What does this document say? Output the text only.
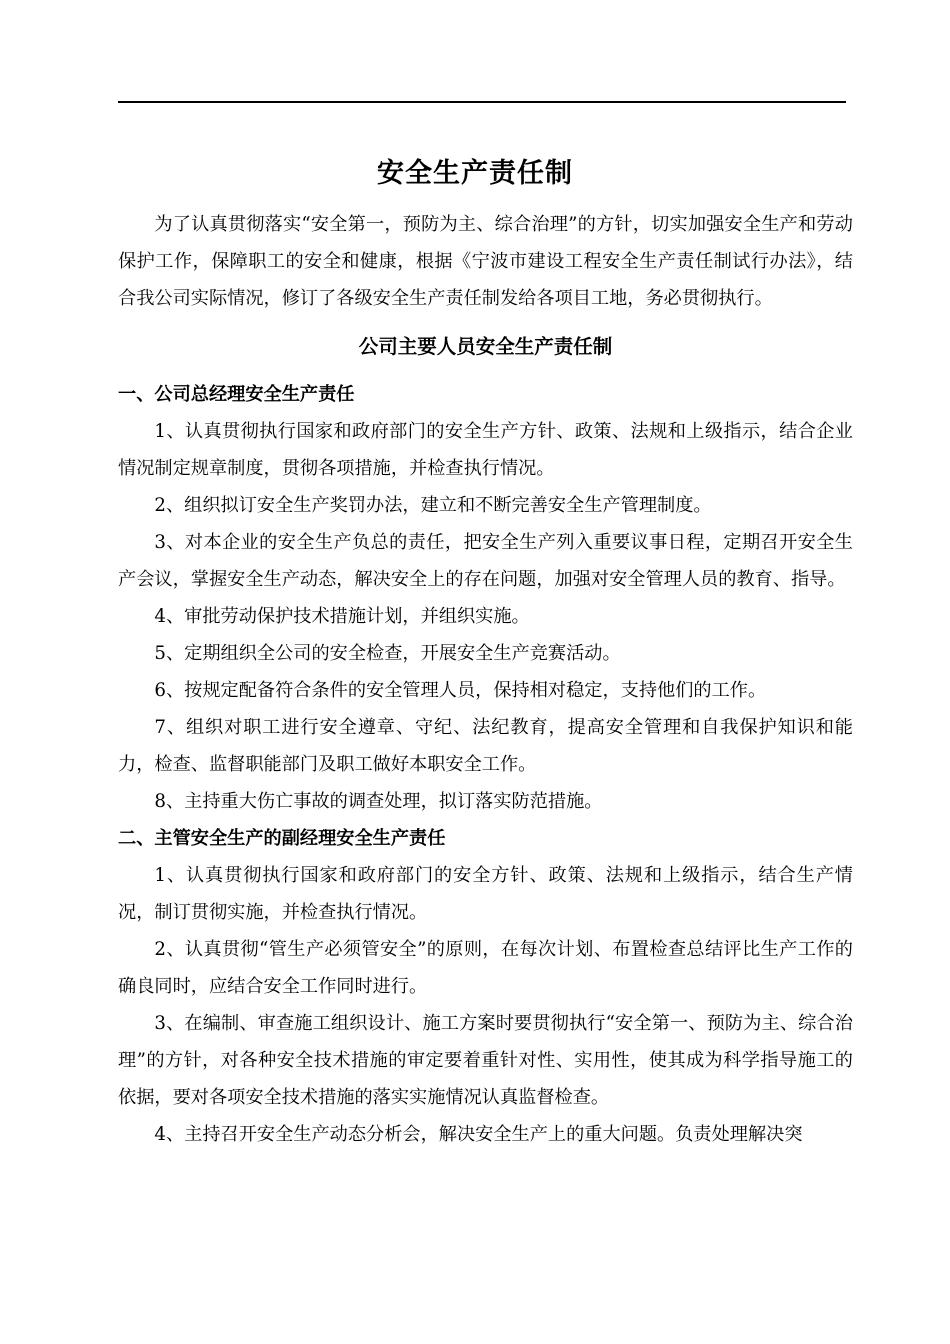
安全生产责任制

为了认真贯彻落实“安全第一，预防为主、综合治理”的方针，切实加强安全生产和劳动保护工作，保障职工的安全和健康，根据《宁波市建设工程安全生产责任制试行办法》，结合我公司实际情况，修订了各级安全生产责任制发给各项目工地，务必贯彻执行。

公司主要人员安全生产责任制

一、公司总经理安全生产责任

1、认真贯彻执行国家和政府部门的安全生产方针、政策、法规和上级指示，结合企业情况制定规章制度，贯彻各项措施，并检查执行情况。

2、组织拟订安全生产奖罚办法，建立和不断完善安全生产管理制度。

3、对本企业的安全生产负总的责任，把安全生产列入重要议事日程，定期召开安全生产会议，掌握安全生产动态，解决安全上的存在问题，加强对安全管理人员的教育、指导。

4、审批劳动保护技术措施计划，并组织实施。

5、定期组织全公司的安全检查，开展安全生产竞赛活动。

6、按规定配备符合条件的安全管理人员，保持相对稳定，支持他们的工作。

7、组织对职工进行安全遵章、守纪、法纪教育，提高安全管理和自我保护知识和能力，检查、监督职能部门及职工做好本职安全工作。

8、主持重大伤亡事故的调查处理，拟订落实防范措施。

二、主管安全生产的副经理安全生产责任

1、认真贯彻执行国家和政府部门的安全方针、政策、法规和上级指示，结合生产情况，制订贯彻实施，并检查执行情况。

2、认真贯彻“管生产必须管安全”的原则，在每次计划、布置检查总结评比生产工作的确良同时，应结合安全工作同时进行。

3、在编制、审查施工组织设计、施工方案时要贯彻执行“安全第一、预防为主、综合治理”的方针，对各种安全技术措施的审定要着重针对性、实用性，使其成为科学指导施工的依据，要对各项安全技术措施的落实实施情况认真监督检查。

4、主持召开安全生产动态分析会，解决安全生产上的重大问题。负责处理解决突
